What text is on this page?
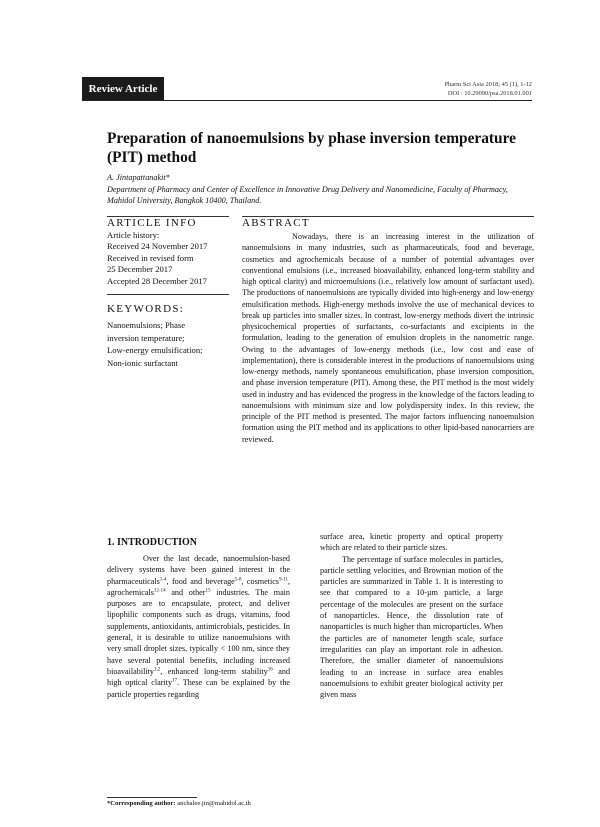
Review Article	Pharm Sci Asia 2018; 45 (1), 1-12
DOI : 10.29090/psa.2018.01.001
Preparation of nanoemulsions by phase inversion temperature (PIT) method
A. Jintapattanakit*
Department of Pharmacy and Center of Excellence in Innovative Drug Delivery and Nanomedicine, Faculty of Pharmacy, Mahidol University, Bangkok 10400, Thailand.
ARTICLE INFO
Article history:
Received 24 November 2017
Received in revised form
25 December 2017
Accepted 28 December 2017
KEYWORDS:
Nanoemulsions; Phase
inversion temperature;
Low-energy emulsification;
Non-ionic surfactant
ABSTRACT

Nowadays, there is an increasing interest in the utilization of nanoemulsions in many industries, such as pharmaceuticals, food and beverage, cosmetics and agrochemicals because of a number of potential advantages over conventional emulsions (i.e., increased bioavailability, enhanced long-term stability and high optical clarity) and microemulsions (i.e., relatively low amount of surfactant used). The productions of nanoemulsions are typically divided into high-energy and low-energy emulsification methods. High-energy methods involve the use of mechanical devices to break up particles into smaller sizes. In contrast, low-energy methods divert the intrinsic physicochemical properties of surfactants, co-surfactants and excipients in the formulation, leading to the generation of emulsion droplets in the nanometric range. Owing to the advantages of low-energy methods (i.e., low cost and ease of implementation), there is considerable interest in the productions of nanoemulsions using low-energy methods, namely spontaneous emulsification, phase inversion composition, and phase inversion temperature (PIT). Among these, the PIT method is the most widely used in industry and has evidenced the progress in the knowledge of the factors leading to nanoemulsions with minimum size and low polydispersity index. In this review, the principle of the PIT method is presented. The major factors influencing nanoemulsion formation using the PIT method and its applications to other lipid-based nanocarriers are reviewed.

1. INTRODUCTION

Over the last decade, nanoemulsion-based delivery systems have been gained interest in the pharmaceuticals$^{1-4}$, food and beverage$^{5-8}$, cosmetics$^{9-11}$, agrochemicals$^{12-14}$ and other$^{15}$ industries. The main purposes are to encapsulate, protect, and deliver lipophilic components such as drugs, vitamins, food supplements, antioxidants, antimicrobials, pesticides. In general, it is desirable to utilize nanoemulsions with very small droplet sizes, typically < 100 nm, since they have several potential benefits, including increased bioavailability$^{1,2}$, enhanced long-term stability$^{16}$ and high optical clarity$^{17}$. These can be explained by the particle properties regarding

surface area, kinetic property and optical property which are related to their particle sizes.
The percentage of surface molecules in particles, particle settling velocities, and Brownian motion of the particles are summarized in Table 1. It is interesting to see that compared to a 10-µm particle, a large percentage of the molecules are present on the surface of nanoparticles. Hence, the dissolution rate of nanoparticles is much higher than microparticles. When the particles are of nanometer length scale, surface irregularities can play an important role in adhesion. Therefore, the smaller diameter of nanoemulsions leading to an increase in surface area enables nanoemulsions to exhibit greater biological activity per given mass
*Corresponding author: anchalee.jin@mahidol.ac.th
